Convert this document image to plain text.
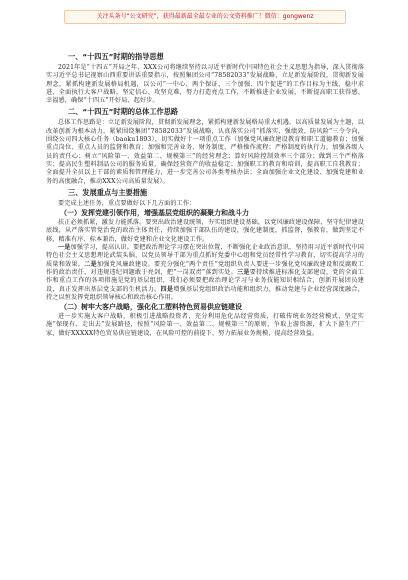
关注头条号“公文研究”，获得最新最全最专业的公文资料推广！微信：gongwenz
一、“十四五”时期的指导思想

2021年是“十四五”开局之年，XXX公司将继续坚持以习近平新时代中国特色社会主义思想为指导，深入贯彻落实习近平总书记视察山西重要讲话重要指示，按照集团公司“78582033”发展战略，立足新发展阶段，贯彻新发展理念，紧抓构建新发展格局机遇，以公司“一中心、两个保证、三个加强、四个促进”的工作目标为主线，稳中求进、全面执行大客户战略，坚定信心、攻坚克难，努力打造亮点工作，不断推进企业发展，不断提高职工获得感、幸福感，确保“十四五”开好局、起好步。

二、“十四五”时期的总体工作思路

总体工作思路是：立足新发展阶段，贯彻新发展理念，紧抓构建新发展格局重大机遇，以高质量发展为主题，以改革创新为根本动力，紧紧围绕集团“78582033”发展战略，认真落实公司“抓落实、强绩效、防风险”三令令向，围绕公司四大核心任务（baoku1893），切实做好十一项重点工作（加强党风廉政建设教育和职工道德教育；加强重点岗位、重点人员的监督和教育；加强和完善业务、财务制度，严格操作流程；严格制度的执行力，加强各级人员的责任心；树立“风险第一、效益第二、规模第三”的经营理念；算好风险控制效率三个部分；做到三个严格落实；提高民生塑料制品公司的服务质量，确保经营资产的收益稳定；加强职工的教育和培训，提高职工自我教育；全面提升全员以上干部的素质和管理能力，进一步完善公司各类考核办法；全面加强企业文化建设、加强党建和业务的高度融合，推动XXX公司高质量发展）。

三、发展重点与主要措施

要完成上述任务，重点要做好以下几方面的工作：

（一）发挥党建引领作用，增强基层党组织的凝聚力和战斗力

扶正必须抓紧，激发力能抓落。要突出政治建设统领，夯实组织建设基础，以党风廉政建设保障，坚守纪律建设底线，从严落实管党治党的政治主体责任，持续加强干部队伍的建设，强化建制度，抓监督，强教育，做到坚定不移、精准有序、标本兼治，做好党建和企业文化建设工作。

一是加强学习，提高认识。要把政治理论学习摆在突出位置，不断强化企业政治意识，坚持用习近平新时代中国特色社会主义思想理论武装头脑，以党员领导干部为重点抓好党委中心组和党员经常性学习教育，切实提高学习的质量和效果。二是加强党风廉政建设。要充分强化“两个责任”党组织负责人要进一步强化党风廉政建设和反腐败工作的政治责任，对违规违纪问题敢于亮剑，把“一岗双责”落到实处。三是要持续推进标准化支部建设，党的全面工作和重点工作的各项措施是党的基层组织，我们必须要把政治理论学习与业务技能知识相结合，创新开展团员建设，真正发挥出基层党支部的生机活力。四是增强基层党组织政治功能和组织力，推动党建与企业经营深度融合，持之以恒发挥党组织领导核心和政治核心作用。

（二）树牢大客户战略，强化化工塑料特色贸易供应链建设

进一步实施大客户战略，积极引进战略投资者，充分利用危化品经营资质，打破传统业务经营模式，坚定实施“保现有、走出去”发展路径，按照“风险第一、效益第二、规模第三”的原则，争取上游资源，扩大下游生产厂家，做好XXXXX特色贸易供应链建设，在风险可控的前提下，努力拓展业务规模，提高经营效益。
